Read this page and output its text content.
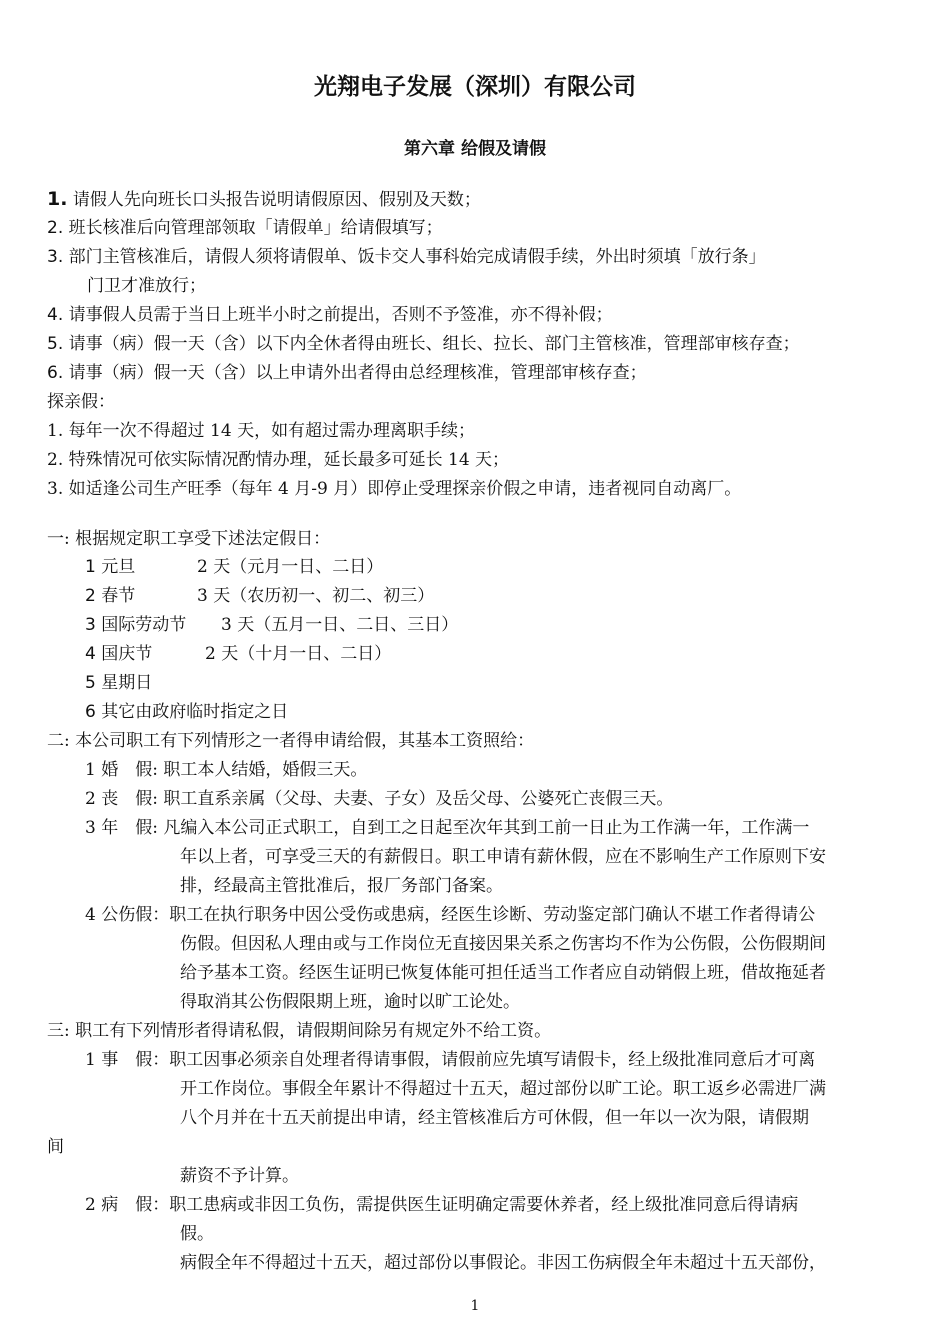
光翔电子发展（深圳）有限公司
第六章 给假及请假
1. 请假人先向班长口头报告说明请假原因、假别及天数；
2. 班长核准后向管理部领取「请假单」给请假填写；
3. 部门主管核准后，请假人须将请假单、饭卡交人事科始完成请假手续，外出时须填「放行条」
门卫才准放行；
4. 请事假人员需于当日上班半小时之前提出，否则不予签准，亦不得补假；
5. 请事（病）假一天（含）以下内全休者得由班长、组长、拉长、部门主管核准，管理部审核存查；
6. 请事（病）假一天（含）以上申请外出者得由总经理核准，管理部审核存查；
探亲假：
1. 每年一次不得超过 14 天，如有超过需办理离职手续；
2. 特殊情况可依实际情况酌情办理，延长最多可延长 14 天；
3. 如适逢公司生产旺季（每年 4 月-9 月）即停止受理探亲价假之申请，违者视同自动离厂。
一: 根据规定职工享受下述法定假日：
1 元旦	2 天（元月一日、二日）
2 春节	3 天（农历初一、初二、初三）
3 国际劳动节 3 天（五月一日、二日、三日）
4 国庆节	2 天（十月一日、二日）
5 星期日
6 其它由政府临时指定之日
二: 本公司职工有下列情形之一者得申请给假，其基本工资照给：
1 婚　假: 职工本人结婚，婚假三天。
2 丧　假: 职工直系亲属（父母、夫妻、子女）及岳父母、公婆死亡丧假三天。
3 年　假: 凡编入本公司正式职工，自到工之日起至次年其到工前一日止为工作满一年，工作满一
年以上者，可享受三天的有薪假日。职工申请有薪休假，应在不影响生产工作原则下安
排，经最高主管批准后，报厂务部门备案。
4 公伤假：职工在执行职务中因公受伤或患病，经医生诊断、劳动鉴定部门确认不堪工作者得请公
伤假。但因私人理由或与工作岗位无直接因果关系之伤害均不作为公伤假，公伤假期间
给予基本工资。经医生证明已恢复体能可担任适当工作者应自动销假上班，借故拖延者
得取消其公伤假限期上班，逾时以旷工论处。
三: 职工有下列情形者得请私假，请假期间除另有规定外不给工资。
1 事　假：职工因事必须亲自处理者得请事假，请假前应先填写请假卡，经上级批准同意后才可离
开工作岗位。事假全年累计不得超过十五天，超过部份以旷工论。职工返乡必需进厂满
八个月并在十五天前提出申请，经主管核准后方可休假，但一年以一次为限，请假期
间
薪资不予计算。
2 病　假：职工患病或非因工负伤，需提供医生证明确定需要休养者，经上级批准同意后得请病
假。
病假全年不得超过十五天，超过部份以事假论。非因工伤病假全年未超过十五天部份，
1
